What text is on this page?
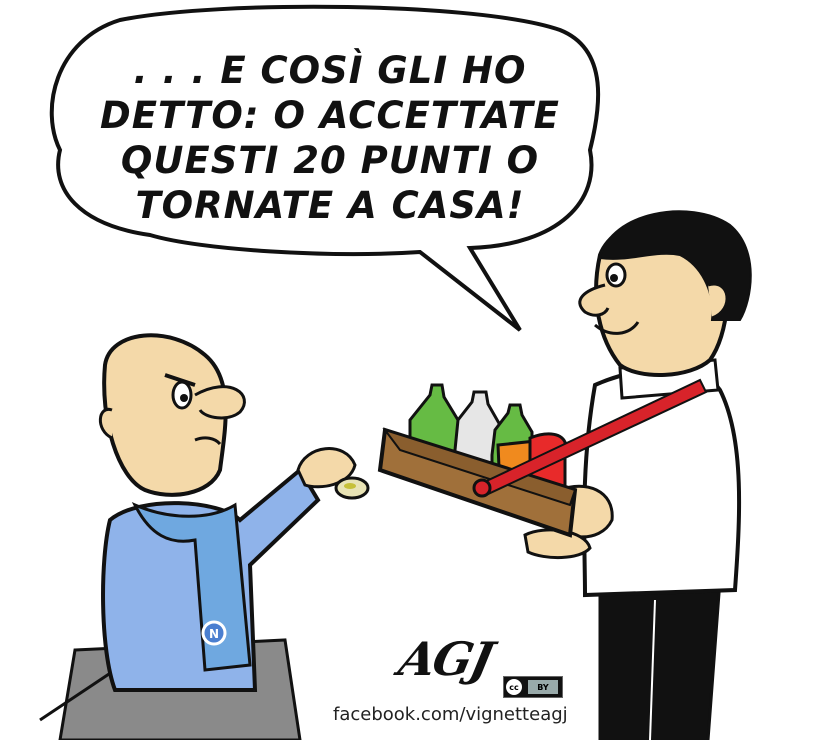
N
. . . E COSÌ GLI HO
DETTO: O ACCETTATE
QUESTI 20 PUNTI O
TORNATE A CASA!
AGJ
cc	BY
facebook.com/vignetteagj
